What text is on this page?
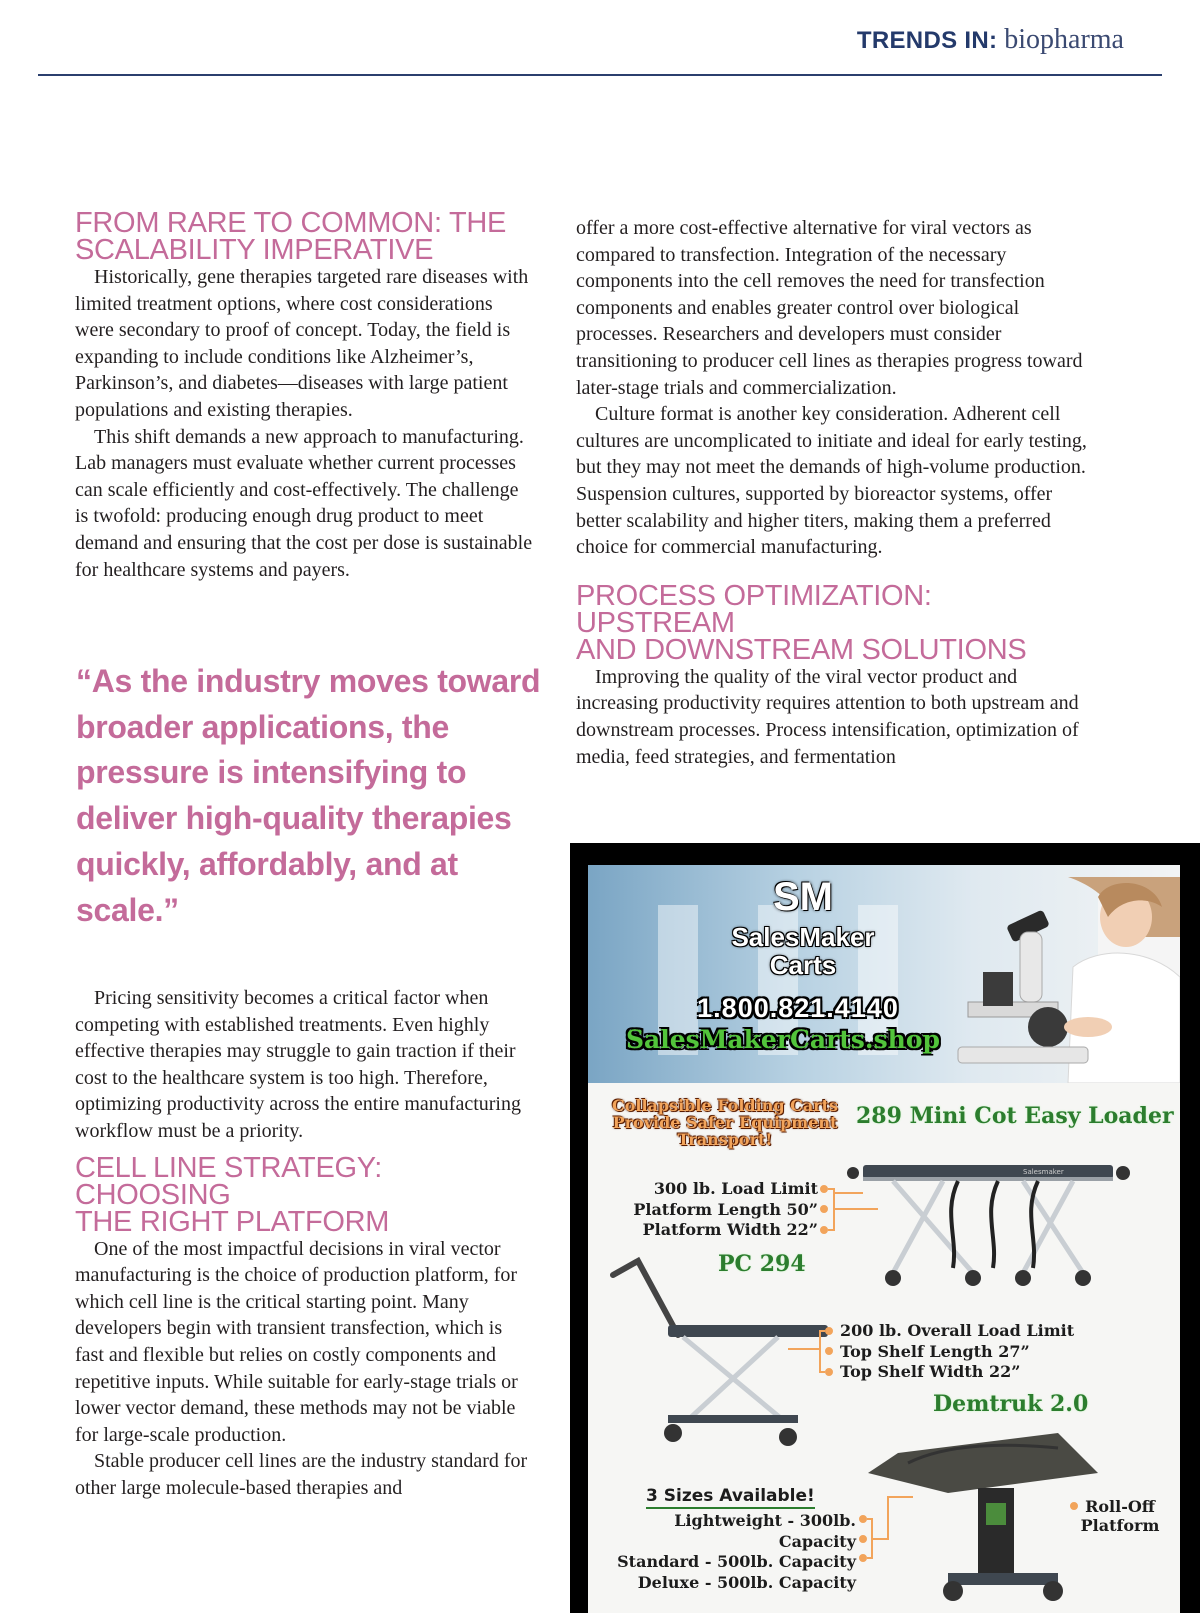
TRENDS IN: biopharma
FROM RARE TO COMMON: THE
SCALABILITY IMPERATIVE

Historically, gene therapies targeted rare diseases with limited treatment options, where cost considerations were secondary to proof of concept. Today, the field is expanding to include conditions like Alzheimer’s, Parkinson’s, and diabetes—diseases with large patient populations and existing therapies.

This shift demands a new approach to manufacturing. Lab managers must evaluate whether current processes can scale efficiently and cost-effectively. The challenge is twofold: producing enough drug product to meet demand and ensuring that the cost per dose is sustainable for healthcare systems and payers.

“As the industry moves toward broader applications, the pressure is intensifying to deliver high-quality therapies quickly, affordably, and at scale.”

Pricing sensitivity becomes a critical factor when competing with established treatments. Even highly effective therapies may struggle to gain traction if their cost to the healthcare system is too high. Therefore, optimizing productivity across the entire manufacturing workflow must be a priority.

CELL LINE STRATEGY: CHOOSING
THE RIGHT PLATFORM

One of the most impactful decisions in viral vector manufacturing is the choice of production platform, for which cell line is the critical starting point. Many developers begin with transient transfection, which is fast and flexible but relies on costly components and repetitive inputs. While suitable for early-stage trials or lower vector demand, these methods may not be viable for large-scale production.

Stable producer cell lines are the industry standard for other large molecule-based therapies and

offer a more cost-effective alternative for viral vectors as compared to transfection. Integration of the necessary components into the cell removes the need for transfection components and enables greater control over biological processes. Researchers and developers must consider transitioning to producer cell lines as therapies progress toward later-stage trials and commercialization.

Culture format is another key consideration. Adherent cell cultures are uncomplicated to initiate and ideal for early testing, but they may not meet the demands of high-volume production. Suspension cultures, supported by bioreactor systems, offer better scalability and higher titers, making them a preferred choice for commercial manufacturing.

PROCESS OPTIMIZATION: UPSTREAM
AND DOWNSTREAM SOLUTIONS

Improving the quality of the viral vector product and increasing productivity requires attention to both upstream and downstream processes. Process intensification, optimization of media, feed strategies, and fermentation

SM
SalesMaker
Carts
1.800.821.4140
SalesMakerCarts.shop
Collapsible Folding Carts Provide Safer Equipment Transport!
289 Mini Cot Easy Loader
300 lb. Load Limit
Platform Length 50”
Platform Width 22”
Salesmaker
PC 294
200 lb. Overall Load Limit
Top Shelf Length 27”
Top Shelf Width 22”
Demtruk 2.0
3 Sizes Available!
Lightweight - 300lb. Capacity
Standard - 500lb. Capacity
Deluxe - 500lb. Capacity
Roll-Off
Platform
